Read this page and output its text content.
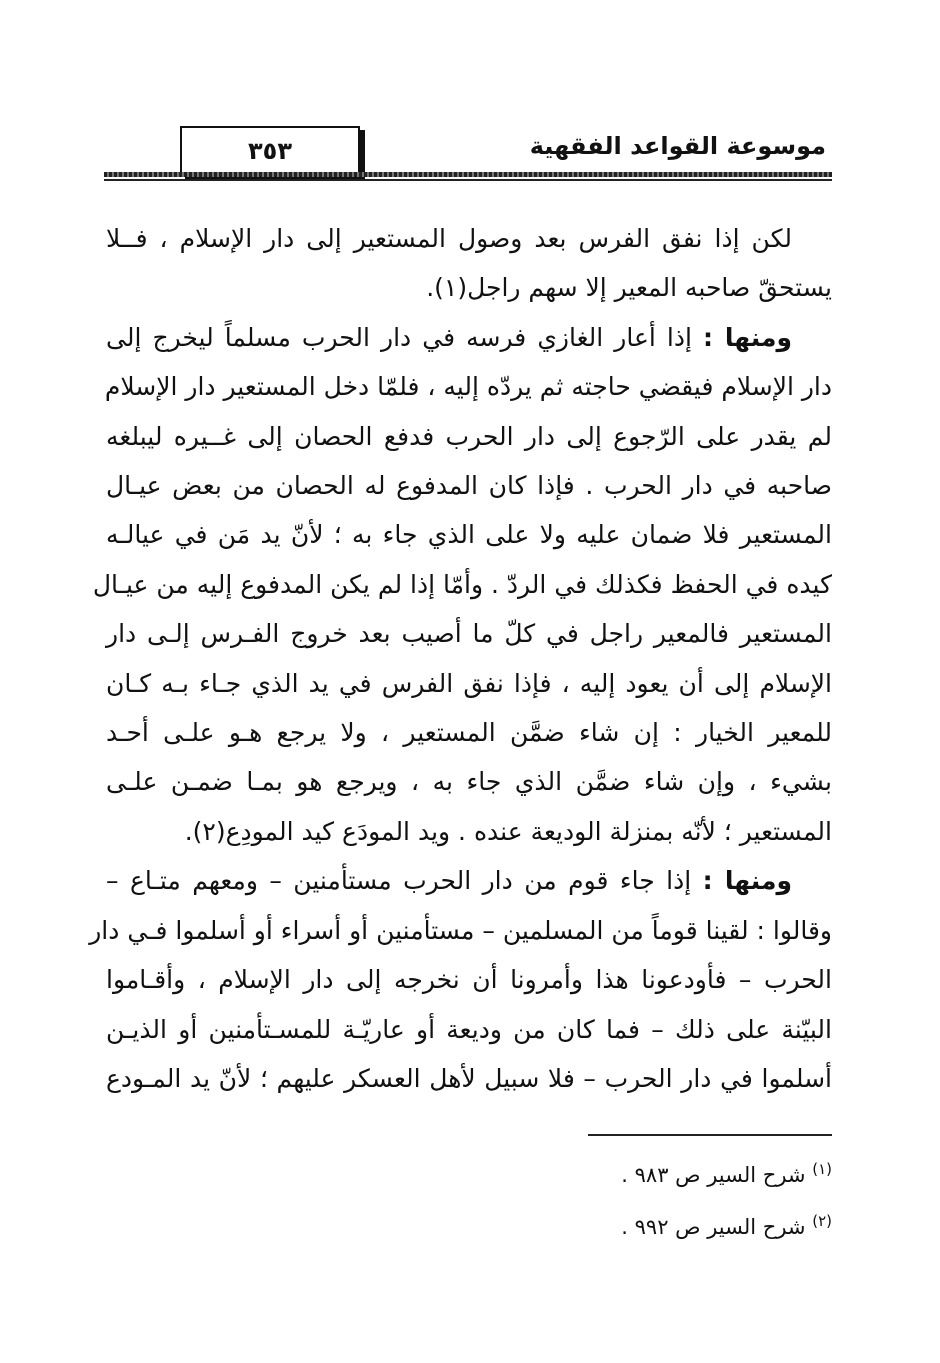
موسوعة القواعد الفقهية
٣٥٣
لكن إذا نفق الفرس بعد وصول المستعير إلى دار الإسلام ، فــلا
يستحقّ صاحبه المعير إلا سهم راجل(١).
ومنها : إذا أعار الغازي فرسه في دار الحرب مسلماً ليخرج إلى
دار الإسلام فيقضي حاجته ثم يردّه إليه ، فلمّا دخل المستعير دار الإسلام
لم يقدر على الرّجوع إلى دار الحرب فدفع الحصان إلى غــيره ليبلغه
صاحبه في دار الحرب . فإذا كان المدفوع له الحصان من بعض عيـال
المستعير فلا ضمان عليه ولا على الذي جاء به ؛ لأنّ يد مَن في عيالـه
كيده في الحفظ فكذلك في الردّ . وأمّا إذا لم يكن المدفوع إليه من عيـال
المستعير فالمعير راجل في كلّ ما أصيب بعد خروج الفـرس إلـى دار
الإسلام إلى أن يعود إليه ، فإذا نفق الفرس في يد الذي جـاء بـه كـان
للمعير الخيار : إن شاء ضمَّن المستعير ، ولا يرجع هـو علـى أحـد
بشيء ، وإن شاء ضمَّن الذي جاء به ، ويرجع هو بمـا ضمـن علـى
المستعير ؛ لأنّه بمنزلة الوديعة عنده . ويد المودَع كيد المودِع(٢).
ومنها : إذا جاء قوم من دار الحرب مستأمنين – ومعهم متـاع –
وقالوا : لقينا قوماً من المسلمين – مستأمنين أو أسراء أو أسلموا فـي دار
الحرب – فأودعونا هذا وأمرونا أن نخرجه إلى دار الإسلام ، وأقـاموا
البيّنة على ذلك – فما كان من وديعة أو عاريّـة للمسـتأمنين أو الذيـن
أسلموا في دار الحرب – فلا سبيل لأهل العسكر عليهم ؛ لأنّ يد المـودع
$^{(١)}$ شرح السير ص ٩٨٣ .
$^{(٢)}$ شرح السير ص ٩٩٢ .
